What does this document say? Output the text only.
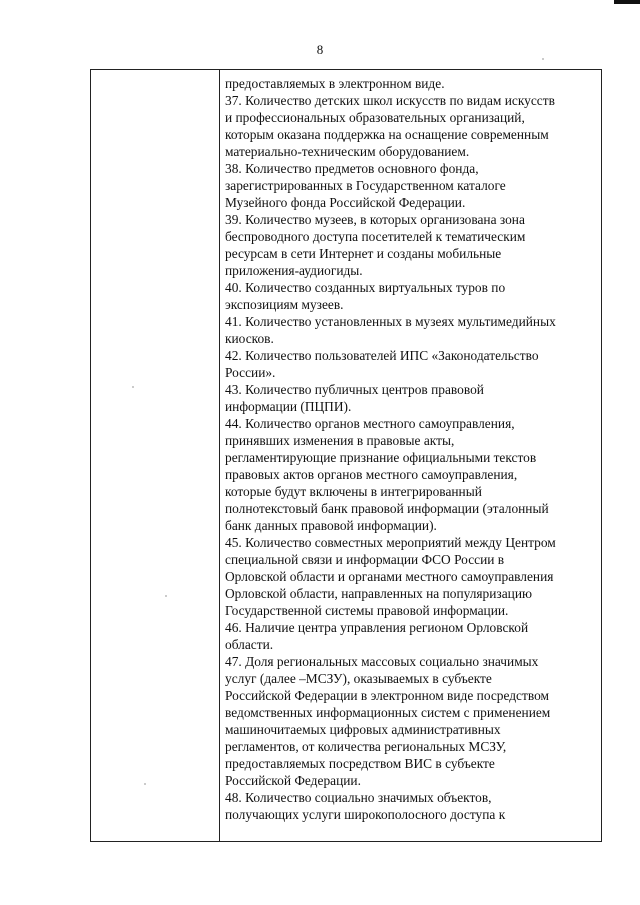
8

предоставляемых в электронном виде.

37. Количество детских школ искусств по видам искусств
и профессиональных образовательных организаций,
которым оказана поддержка на оснащение современным
материально-техническим оборудованием.

38. Количество предметов основного фонда,
зарегистрированных в Государственном каталоге
Музейного фонда Российской Федерации.

39. Количество музеев, в которых организована зона
беспроводного доступа посетителей к тематическим
ресурсам в сети Интернет и созданы мобильные
приложения-аудиогиды.

40. Количество созданных виртуальных туров по
экспозициям музеев.

41. Количество установленных в музеях мультимедийных
киосков.

42. Количество пользователей ИПС «Законодательство
России».

43. Количество публичных центров правовой
информации (ПЦПИ).

44. Количество органов местного самоуправления,
принявших изменения в правовые акты,
регламентирующие признание официальными текстов
правовых актов органов местного самоуправления,
которые будут включены в интегрированный
полнотекстовый банк правовой информации (эталонный
банк данных правовой информации).

45. Количество совместных мероприятий между Центром
специальной связи и информации ФСО России в
Орловской области и органами местного самоуправления
Орловской области, направленных на популяризацию
Государственной системы правовой информации.

46. Наличие центра управления регионом Орловской
области.

47. Доля региональных массовых социально значимых
услуг (далее –МСЗУ), оказываемых в субъекте
Российской Федерации в электронном виде посредством
ведомственных информационных систем с применением
машиночитаемых цифровых административных
регламентов, от количества региональных МСЗУ,
предоставляемых посредством ВИС в субъекте
Российской Федерации.

48. Количество социально значимых объектов,
получающих услуги широкополосного доступа к
